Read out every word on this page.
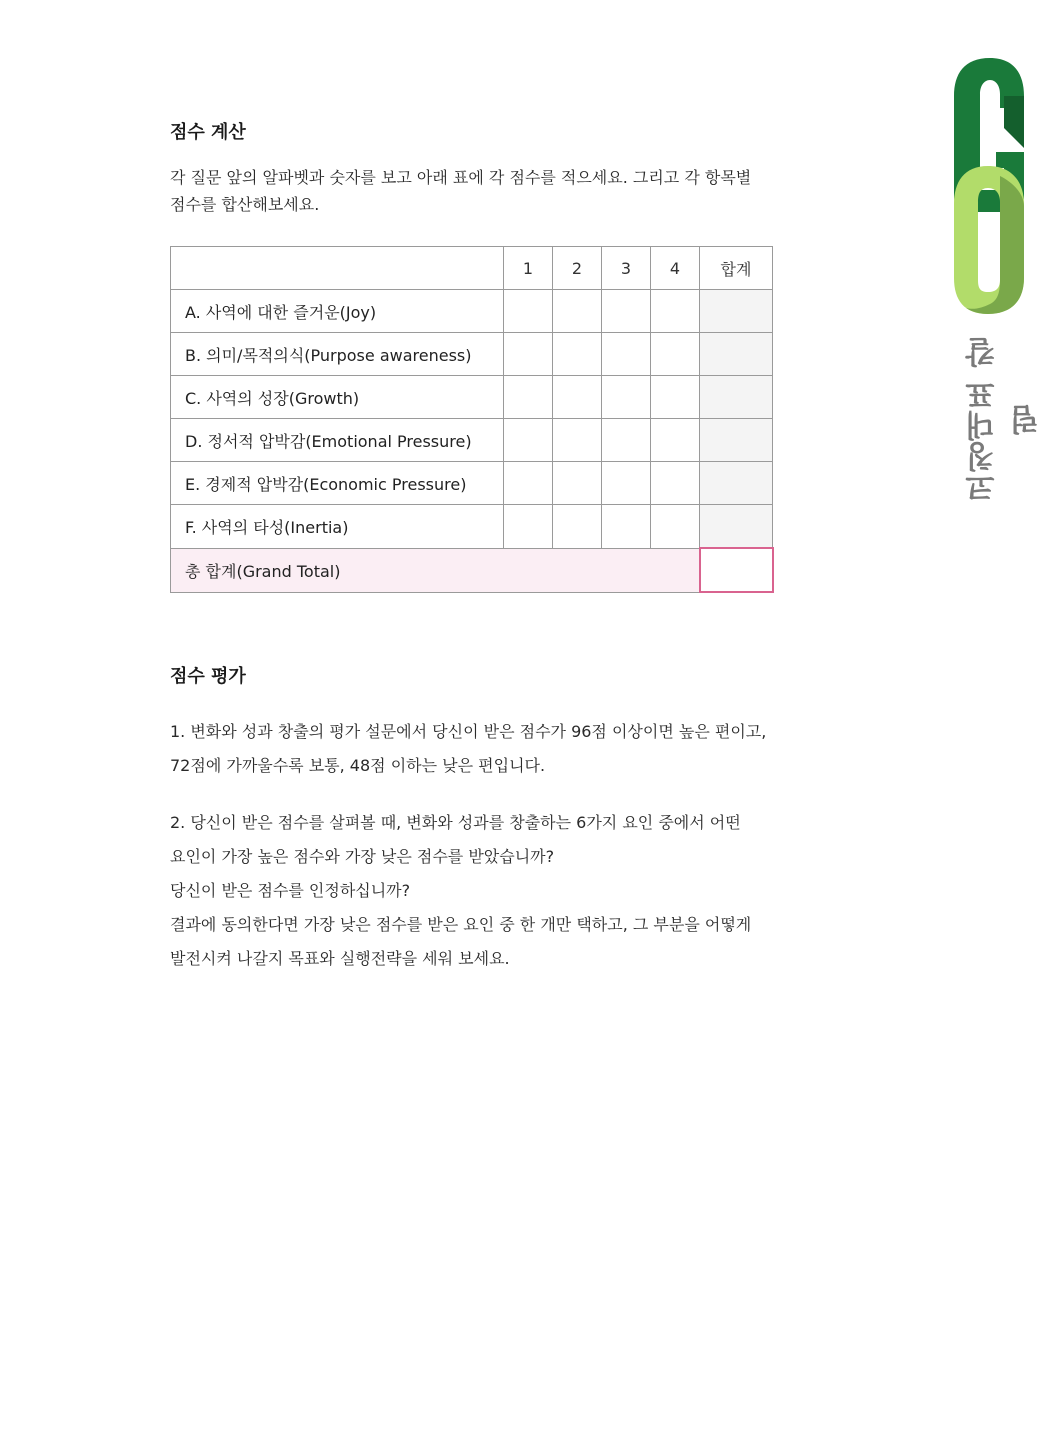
점수 계산

각 질문 앞의 알파벳과 숫자를 보고 아래 표에 각 점수를 적으세요. 그리고 각 항목별
점수를 합산해보세요.

	1	2	3	4	합계
A. 사역에 대한 즐거운(Joy)					
B. 의미/목적의식(Purpose awareness)					
C. 사역의 성장(Growth)					
D. 정서적 압박감(Emotional Pressure)					
E. 경제적 압박감(Economic Pressure)					
F. 사역의 타성(Inertia)					
총 합계(Grand Total)					
점수 평가

1. 변화와 성과 창출의 평가 설문에서 당신이 받은 점수가 96점 이상이면 높은 편이고,

72점에 가까울수록 보통, 48점 이하는 낮은 편입니다.

2. 당신이 받은 점수를 살펴볼 때, 변화와 성과를 창출하는 6가지 요인 중에서 어떤

요인이 가장 높은 점수와 가장 낮은 점수를 받았습니까?

당신이 받은 점수를 인정하십니까?

결과에 동의한다면 가장 낮은 점수를 받은 요인 중 한 개만 택하고, 그 부분을 어떻게

발전시켜 나갈지 목표와 실행전략을 세워 보세요.

코칭대표 칼럼
